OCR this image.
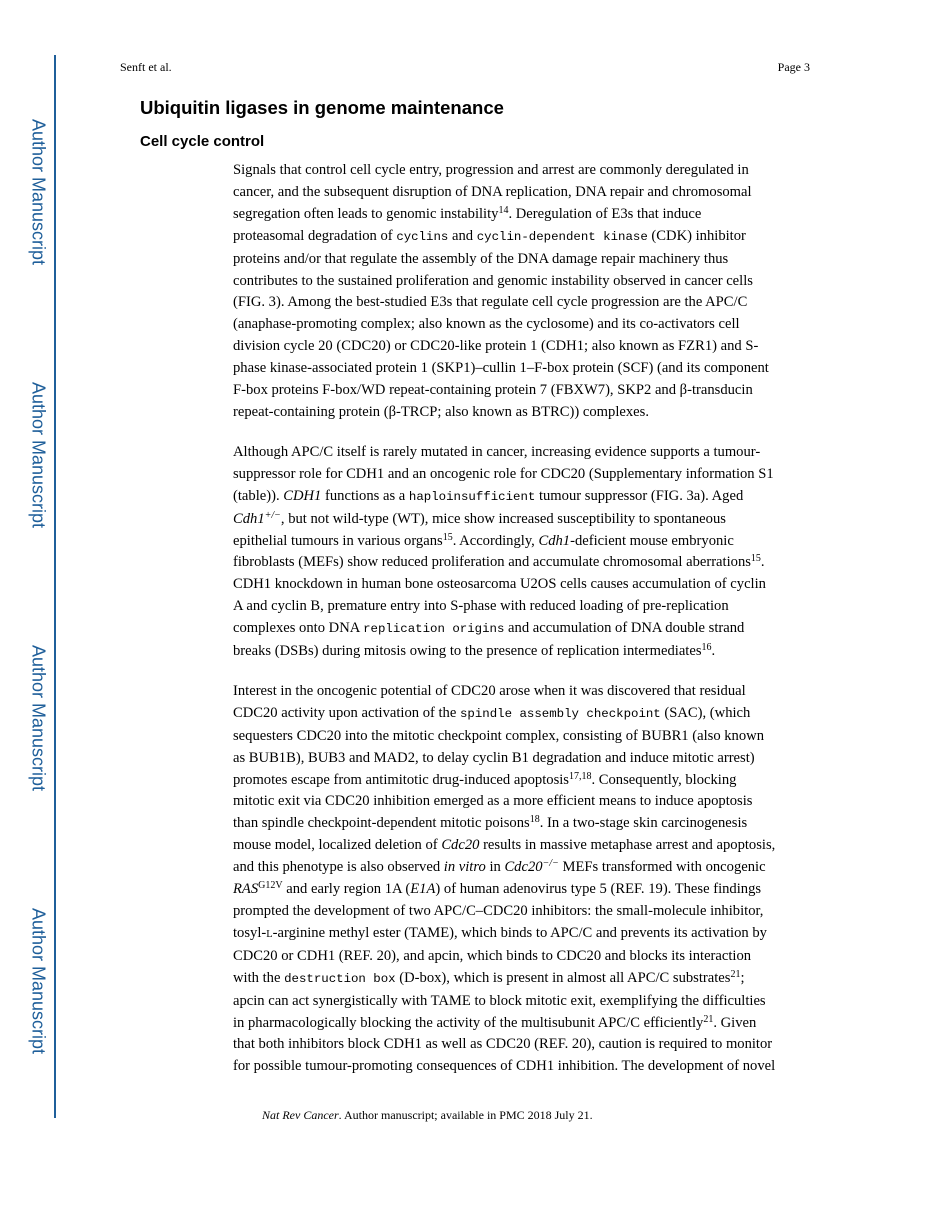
Author Manuscript
Author Manuscript
Author Manuscript
Author Manuscript
Senft et al.	Page 3
Ubiquitin ligases in genome maintenance
Cell cycle control

Signals that control cell cycle entry, progression and arrest are commonly deregulated in
cancer, and the subsequent disruption of DNA replication, DNA repair and chromosomal
segregation often leads to genomic instability$^{14}$. Deregulation of E3s that induce
proteasomal degradation of cyclins and cyclin-dependent kinase (CDK) inhibitor
proteins and/or that regulate the assembly of the DNA damage repair machinery thus
contributes to the sustained proliferation and genomic instability observed in cancer cells
(FIG. 3). Among the best-studied E3s that regulate cell cycle progression are the APC/C
(anaphase-promoting complex; also known as the cyclosome) and its co-activators cell
division cycle 20 (CDC20) or CDC20-like protein 1 (CDH1; also known as FZR1) and S-
phase kinase-associated protein 1 (SKP1)–cullin 1–F-box protein (SCF) (and its component
F-box proteins F-box/WD repeat-containing protein 7 (FBXW7), SKP2 and β-transducin
repeat-containing protein (β-TRCP; also known as BTRC)) complexes.

Although APC/C itself is rarely mutated in cancer, increasing evidence supports a tumour-
suppressor role for CDH1 and an oncogenic role for CDC20 (Supplementary information S1
(table)). CDH1 functions as a haploinsufficient tumour suppressor (FIG. 3a). Aged
Cdh1+/−, but not wild-type (WT), mice show increased susceptibility to spontaneous
epithelial tumours in various organs$^{15}$. Accordingly, Cdh1-deficient mouse embryonic
fibroblasts (MEFs) show reduced proliferation and accumulate chromosomal aberrations$^{15}$.
CDH1 knockdown in human bone osteosarcoma U2OS cells causes accumulation of cyclin
A and cyclin B, premature entry into S-phase with reduced loading of pre-replication
complexes onto DNA replication origins and accumulation of DNA double strand
breaks (DSBs) during mitosis owing to the presence of replication intermediates$^{16}$.

Interest in the oncogenic potential of CDC20 arose when it was discovered that residual
CDC20 activity upon activation of the spindle assembly checkpoint (SAC), (which
sequesters CDC20 into the mitotic checkpoint complex, consisting of BUBR1 (also known
as BUB1B), BUB3 and MAD2, to delay cyclin B1 degradation and induce mitotic arrest)
promotes escape from antimitotic drug-induced apoptosis$^{17,18}$. Consequently, blocking
mitotic exit via CDC20 inhibition emerged as a more efficient means to induce apoptosis
than spindle checkpoint-dependent mitotic poisons$^{18}$. In a two-stage skin carcinogenesis
mouse model, localized deletion of Cdc20 results in massive metaphase arrest and apoptosis,
and this phenotype is also observed in vitro in Cdc20−/− MEFs transformed with oncogenic
$RAS^{G12V}$ and early region 1A (E1A) of human adenovirus type 5 (REF. 19). These findings
prompted the development of two APC/C–CDC20 inhibitors: the small-molecule inhibitor,
tosyl-L-arginine methyl ester (TAME), which binds to APC/C and prevents its activation by
CDC20 or CDH1 (REF. 20), and apcin, which binds to CDC20 and blocks its interaction
with the destruction box (D-box), which is present in almost all APC/C substrates$^{21}$;
apcin can act synergistically with TAME to block mitotic exit, exemplifying the difficulties
in pharmacologically blocking the activity of the multisubunit APC/C efficiently$^{21}$. Given
that both inhibitors block CDH1 as well as CDC20 (REF. 20), caution is required to monitor
for possible tumour-promoting consequences of CDH1 inhibition. The development of novel

Nat Rev Cancer. Author manuscript; available in PMC 2018 July 21.
